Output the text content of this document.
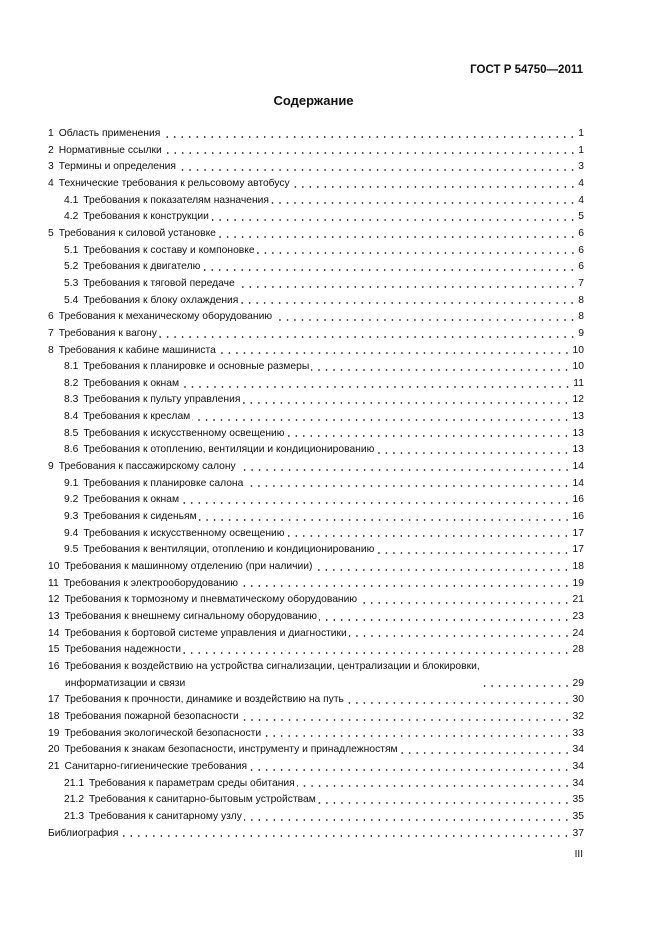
ГОСТ Р 54750—2011
Содержание
1 Область применения	1
2 Нормативные ссылки	1
3 Термины и определения	3
4 Технические требования к рельсовому автобусу	4
4.1 Требования к показателям назначения	4
4.2 Требования к конструкции	5
5 Требования к силовой установке	6
5.1 Требования к составу и компоновке	6
5.2 Требования к двигателю	6
5.3 Требования к тяговой передаче	7
5.4 Требования к блоку охлаждения	8
6 Требования к механическому оборудованию	8
7 Требования к вагону	9
8 Требования к кабине машиниста	10
8.1 Требования к планировке и основные размеры	10
8.2 Требования к окнам	11
8.3 Требования к пульту управления	12
8.4 Требования к креслам	13
8.5 Требования к искусственному освещению	13
8.6 Требования к отоплению, вентиляции и кондиционированию	13
9 Требования к пассажирскому салону	14
9.1 Требования к планировке салона	14
9.2 Требования к окнам	16
9.3 Требования к сиденьям	16
9.4 Требования к искусственному освещению	17
9.5 Требования к вентиляции, отоплению и кондиционированию	17
10 Требования к машинному отделению (при наличии)	18
11 Требования к электрооборудованию	19
12 Требования к тормозному и пневматическому оборудованию	21
13 Требования к внешнему сигнальному оборудованию	23
14 Требования к бортовой системе управления и диагностики	24
15 Требования надежности	28
16 Требования к воздействию на устройства сигнализации, централизации и блокировки,
информатизации и связи	29
17 Требования к прочности, динамике и воздействию на путь	30
18 Требования пожарной безопасности	32
19 Требования экологической безопасности	33
20 Требования к знакам безопасности, инструменту и принадлежностям	34
21 Санитарно-гигиенические требования	34
21.1 Требования к параметрам среды обитания	34
21.2 Требования к санитарно-бытовым устройствам	35
21.3 Требования к санитарному узлу	35
Библиография	37
III
